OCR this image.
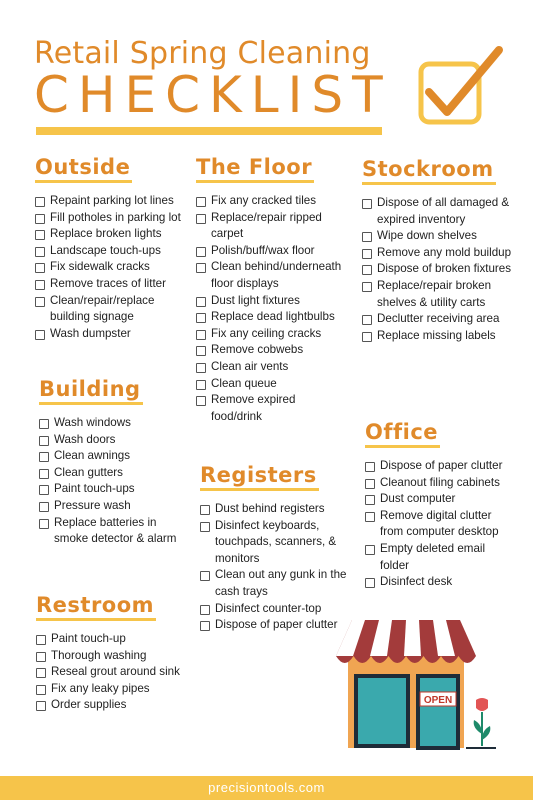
Retail Spring Cleaning
CHECKLIST
Outside
Repaint parking lot lines
Fill potholes in parking lot
Replace broken lights
Landscape touch-ups
Fix sidewalk cracks
Remove traces of litter
Clean/repair/replace building signage
Wash dumpster
The Floor
Fix any cracked tiles
Replace/repair ripped carpet
Polish/buff/wax floor
Clean behind/underneath floor displays
Dust light fixtures
Replace dead lightbulbs
Fix any ceiling cracks
Remove cobwebs
Clean air vents
Clean queue
Remove expired food/drink
Stockroom
Dispose of all damaged & expired inventory
Wipe down shelves
Remove any mold buildup
Dispose of broken fixtures
Replace/repair broken shelves & utility carts
Declutter receiving area
Replace missing labels
Building
Wash windows
Wash doors
Clean awnings
Clean gutters
Paint touch-ups
Pressure wash
Replace batteries in smoke detector & alarm
Registers
Dust behind registers
Disinfect keyboards, touchpads, scanners, & monitors
Clean out any gunk in the cash trays
Disinfect counter-top
Dispose of paper clutter
Office
Dispose of paper clutter
Cleanout filing cabinets
Dust computer
Remove digital clutter from computer desktop
Empty deleted email folder
Disinfect desk
Restroom
Paint touch-up
Thorough washing
Reseal grout around sink
Fix any leaky pipes
Order supplies	OPEN
precisiontools.com
